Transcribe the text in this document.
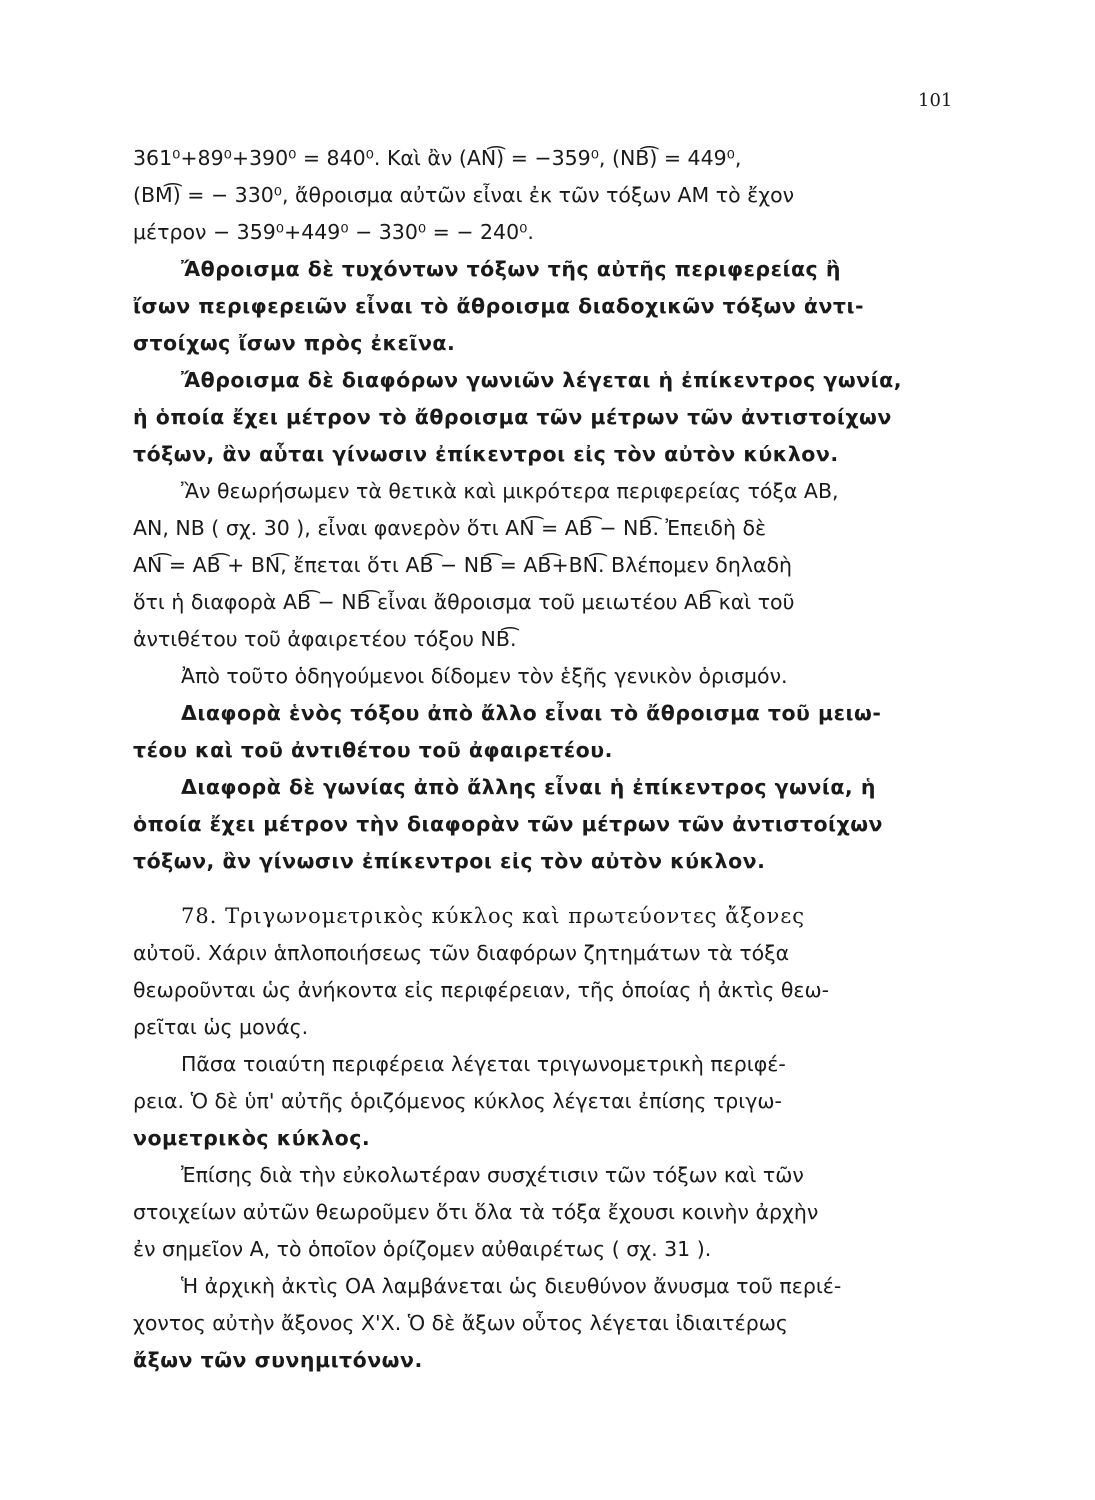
101
361⁰+89⁰+390⁰ = 840⁰. Καὶ ἂν (ΑΝ͡) = −359⁰, (ΝΒ͡) = 449⁰,
(ΒΜ͡) = − 330⁰, ἄθροισμα αὐτῶν εἶναι ἐκ τῶν τόξων ΑΜ τὸ ἔχον
μέτρον − 359⁰+449⁰ − 330⁰ = − 240⁰.
Ἄθροισμα δὲ τυχόντων τόξων τῆς αὐτῆς περιφερείας ἢ
ἴσων περιφερειῶν εἶναι τὸ ἄθροισμα διαδοχικῶν τόξων ἀντι-
στοίχως ἴσων πρὸς ἐκεῖνα.
Ἄθροισμα δὲ διαφόρων γωνιῶν λέγεται ἡ ἐπίκεντρος γωνία,
ἡ ὁποία ἔχει μέτρον τὸ ἄθροισμα τῶν μέτρων τῶν ἀντιστοίχων
τόξων, ἂν αὗται γίνωσιν ἐπίκεντροι εἰς τὸν αὐτὸν κύκλον.
Ἂν θεωρήσωμεν τὰ θετικὰ καὶ μικρότερα περιφερείας τόξα ΑΒ,
ΑΝ, ΝΒ ( σχ. 30 ), εἶναι φανερὸν ὅτι ΑΝ͡ = ΑΒ͡ − ΝΒ͡. Ἐπειδὴ δὲ
ΑΝ͡ = ΑΒ͡ + ΒΝ͡, ἔπεται ὅτι ΑΒ͡ − ΝΒ͡ = ΑΒ͡+ΒΝ͡. Βλέπομεν δηλαδὴ
ὅτι ἡ διαφορὰ ΑΒ͡ − ΝΒ͡ εἶναι ἄθροισμα τοῦ μειωτέου ΑΒ͡ καὶ τοῦ
ἀντιθέτου τοῦ ἀφαιρετέου τόξου ΝΒ͡.
Ἀπὸ τοῦτο ὁδηγούμενοι δίδομεν τὸν ἑξῆς γενικὸν ὁρισμόν.
Διαφορὰ ἑνὸς τόξου ἀπὸ ἄλλο εἶναι τὸ ἄθροισμα τοῦ μειω-
τέου καὶ τοῦ ἀντιθέτου τοῦ ἀφαιρετέου.
Διαφορὰ δὲ γωνίας ἀπὸ ἄλλης εἶναι ἡ ἐπίκεντρος γωνία, ἡ
ὁποία ἔχει μέτρον τὴν διαφορὰν τῶν μέτρων τῶν ἀντιστοίχων
τόξων, ἂν γίνωσιν ἐπίκεντροι εἰς τὸν αὐτὸν κύκλον.
78. Τριγωνομετρικὸς κύκλος καὶ πρωτεύοντες ἄξονες
αὐτοῦ. Χάριν ἁπλοποιήσεως τῶν διαφόρων ζητημάτων τὰ τόξα
θεωροῦνται ὡς ἀνήκοντα εἰς περιφέρειαν, τῆς ὁποίας ἡ ἀκτὶς θεω-
ρεῖται ὡς μονάς.
Πᾶσα τοιαύτη περιφέρεια λέγεται τριγωνομετρικὴ περιφέ-
ρεια. Ὁ δὲ ὑπ' αὐτῆς ὁριζόμενος κύκλος λέγεται ἐπίσης τριγω-
νομετρικὸς κύκλος.
Ἐπίσης διὰ τὴν εὐκολωτέραν συσχέτισιν τῶν τόξων καὶ τῶν
στοιχείων αὐτῶν θεωροῦμεν ὅτι ὅλα τὰ τόξα ἔχουσι κοινὴν ἀρχὴν
ἐν σημεῖον Α, τὸ ὁποῖον ὁρίζομεν αὐθαιρέτως ( σχ. 31 ).
Ἡ ἀρχικὴ ἀκτὶς ΟΑ λαμβάνεται ὡς διευθύνον ἄνυσμα τοῦ περιέ-
χοντος αὐτὴν ἄξονος Χ'Χ. Ὁ δὲ ἄξων οὗτος λέγεται ἰδιαιτέρως
ἄξων τῶν συνημιτόνων.
